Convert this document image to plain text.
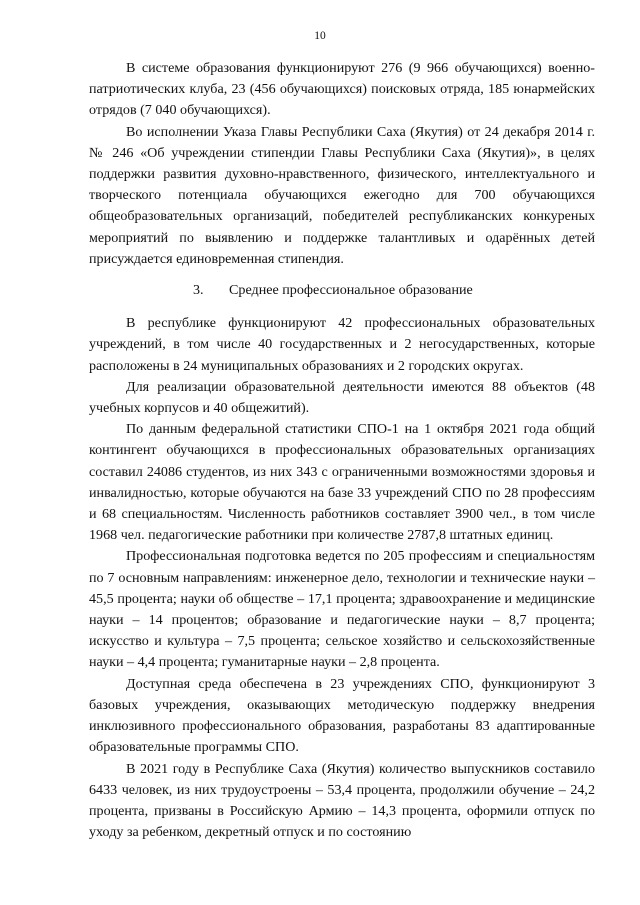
10

В системе образования функционируют 276 (9 966 обучающихся) военно- патриотических клуба, 23 (456 обучающихся) поисковых отряда, 185 юнармейских отрядов (7 040 обучающихся).

Во исполнении Указа Главы Республики Саха (Якутия) от 24 декабря 2014 г. № 246 «Об учреждении стипендии Главы Республики Саха (Якутия)», в целях поддержки развития духовно-нравственного, физического, интеллектуального и творческого потенциала обучающихся ежегодно для 700 обучающихся общеобразовательных организаций, победителей республиканских конкуреных мероприятий по выявлению и поддержке талантливых и одарённых детей присуждается единовременная стипендия.

3. Среднее профессиональное образование

В республике функционируют 42 профессиональных образовательных учреждений, в том числе 40 государственных и 2 негосударственных, которые расположены в 24 муниципальных образованиях и 2 городских округах.

Для реализации образовательной деятельности имеются 88 объектов (48 учебных корпусов и 40 общежитий).

По данным федеральной статистики СПО-1 на 1 октября 2021 года общий контингент обучающихся в профессиональных образовательных организациях составил 24086 студентов, из них 343 с ограниченными возможностями здоровья и инвалидностью, которые обучаются на базе 33 учреждений СПО по 28 профессиям и 68 специальностям. Численность работников составляет 3900 чел., в том числе 1968 чел. педагогические работники при количестве 2787,8 штатных единиц.

Профессиональная подготовка ведется по 205 профессиям и специальностям по 7 основным направлениям: инженерное дело, технологии и технические науки – 45,5 процента; науки об обществе – 17,1 процента; здравоохранение и медицинские науки – 14 процентов; образование и педагогические науки – 8,7 процента; искусство и культура – 7,5 процента; сельское хозяйство и сельскохозяйственные науки – 4,4 процента; гуманитарные науки – 2,8 процента.

Доступная среда обеспечена в 23 учреждениях СПО, функционируют 3 базовых учреждения, оказывающих методическую поддержку внедрения инклюзивного профессионального образования, разработаны 83 адаптированные образовательные программы СПО.

В 2021 году в Республике Саха (Якутия) количество выпускников составило 6433 человек, из них трудоустроены – 53,4 процента, продолжили обучение – 24,2 процента, призваны в Российскую Армию – 14,3 процента, оформили отпуск по уходу за ребенком, декретный отпуск и по состоянию
